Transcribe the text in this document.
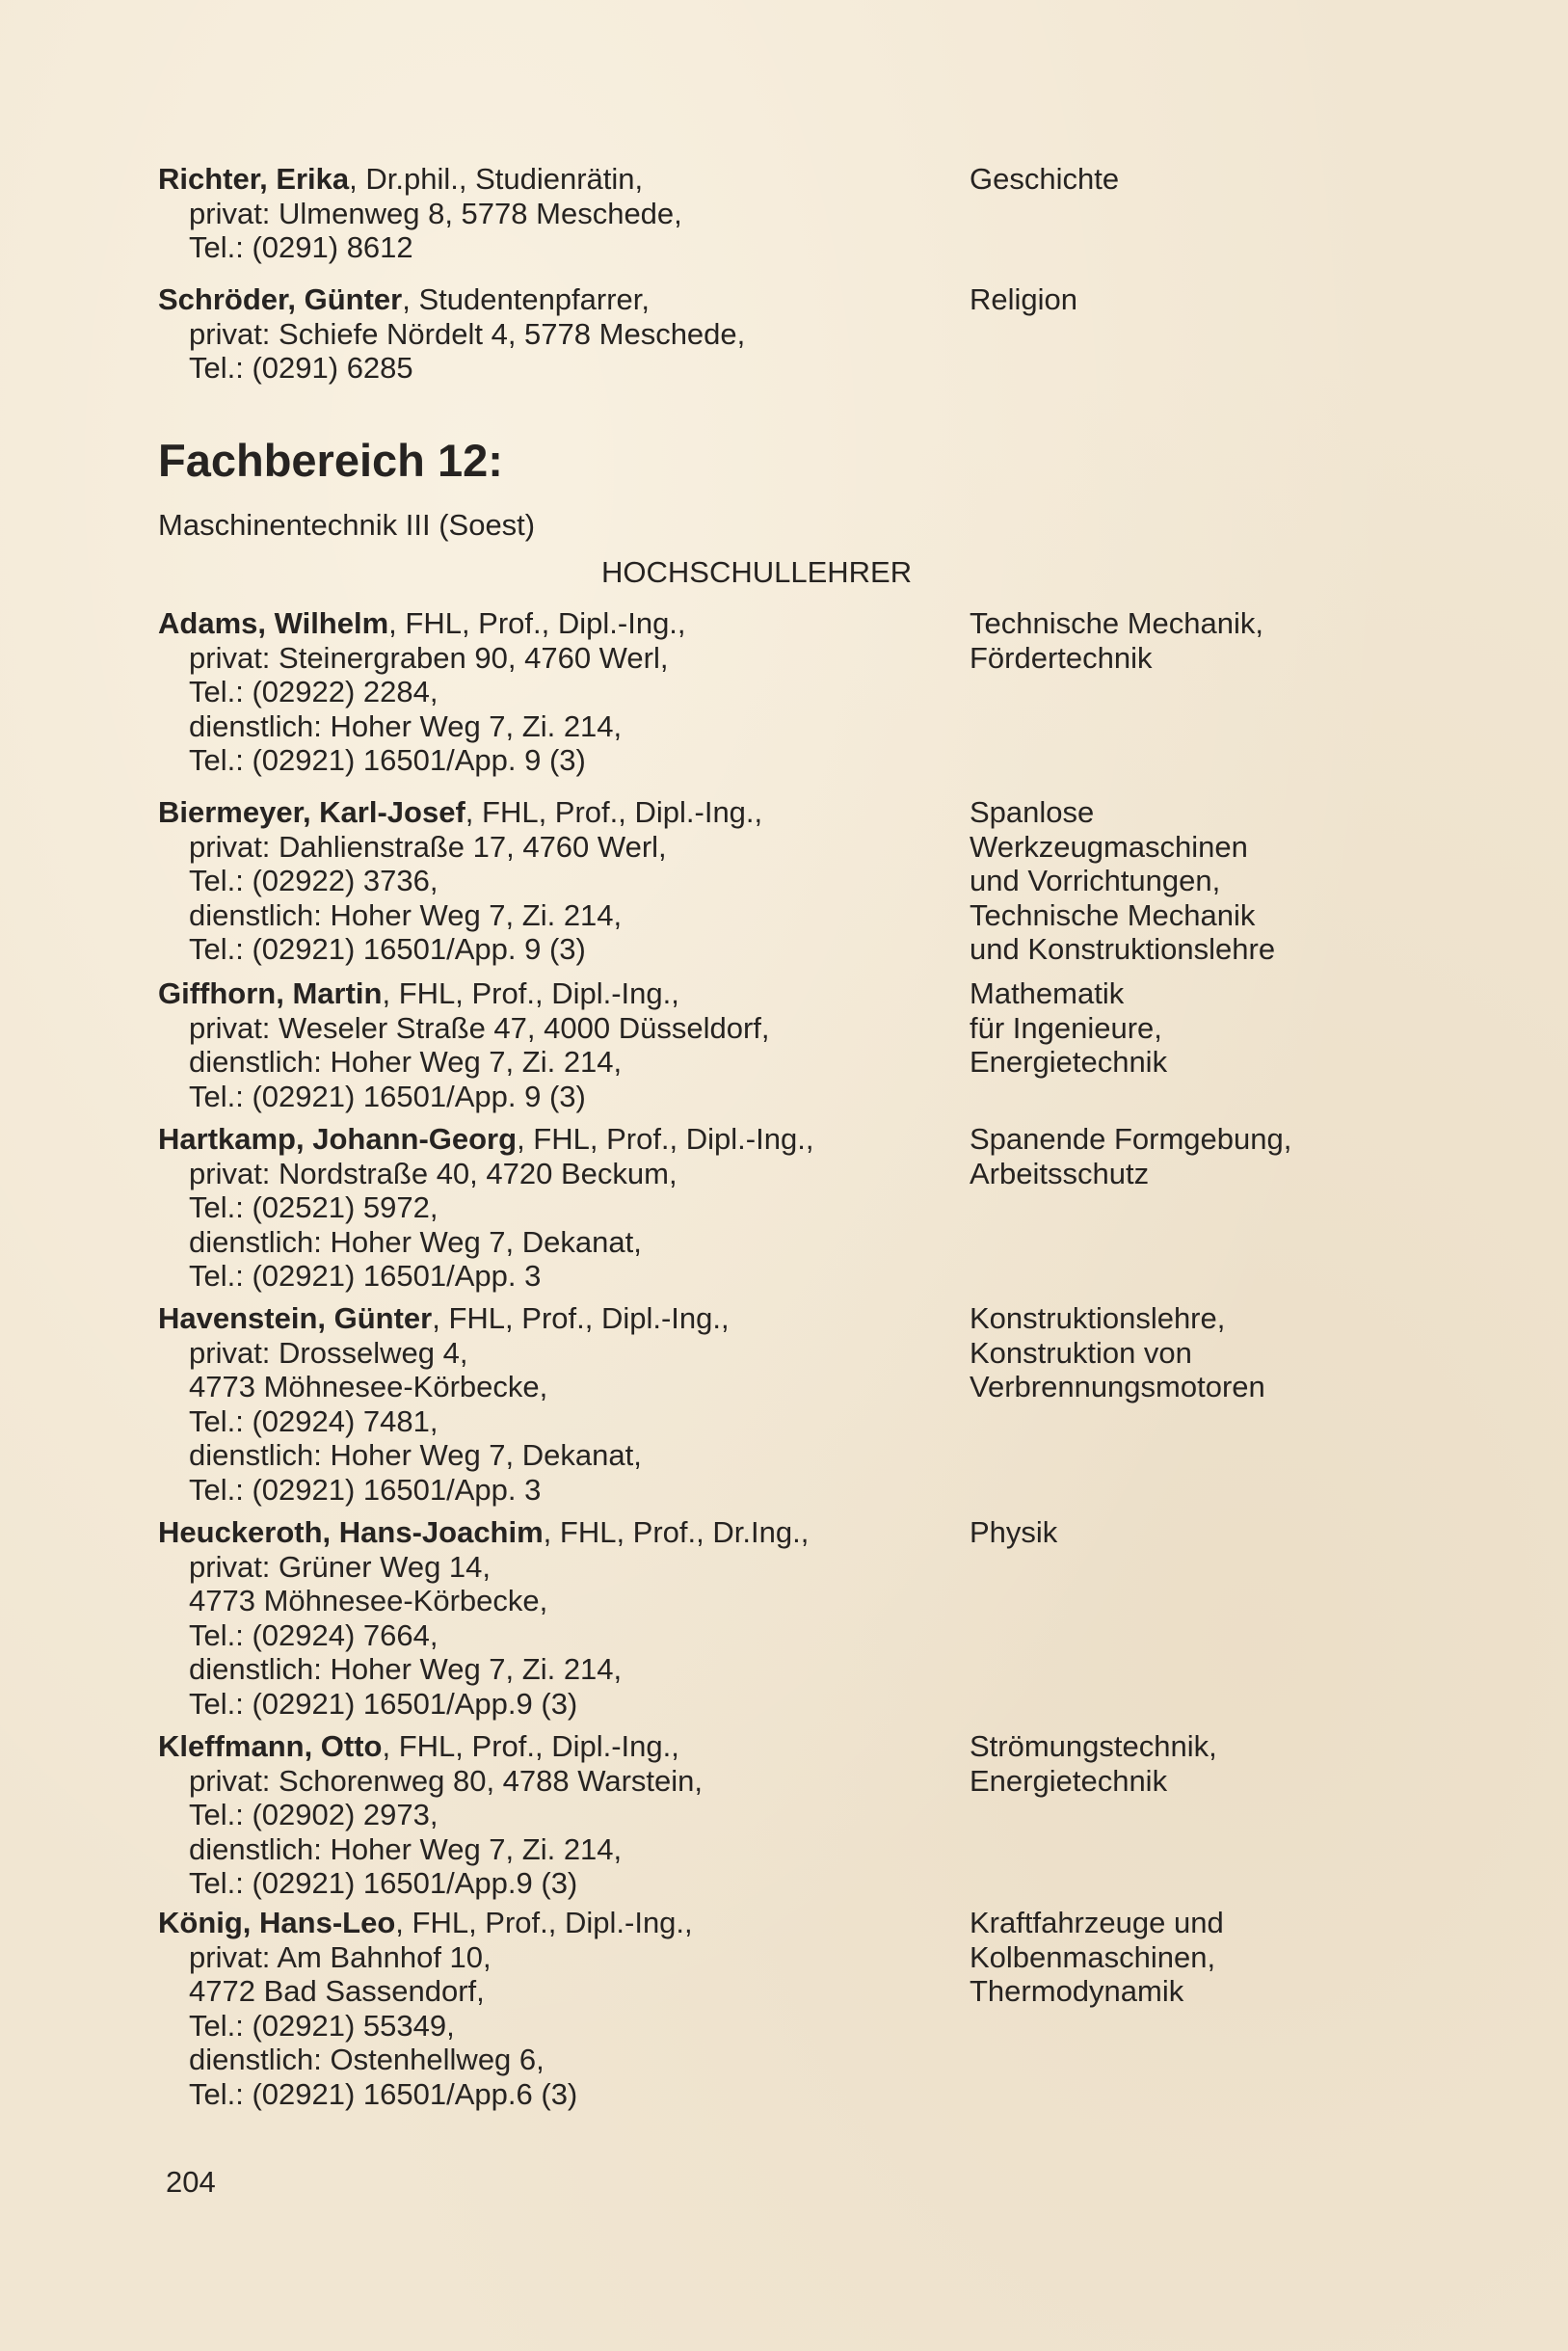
Richter, Erika, Dr.phil., Studienrätin,
privat: Ulmenweg 8, 5778 Meschede,
Tel.: (0291) 8612
Geschichte
Schröder, Günter, Studentenpfarrer,
privat: Schiefe Nördelt 4, 5778 Meschede,
Tel.: (0291) 6285
Religion
Fachbereich 12:
Maschinentechnik III (Soest)
HOCHSCHULLEHRER
Adams, Wilhelm, FHL, Prof., Dipl.-Ing.,
privat: Steinergraben 90, 4760 Werl,
Tel.: (02922) 2284,
dienstlich: Hoher Weg 7, Zi. 214,
Tel.: (02921) 16501/App. 9 (3)
Technische Mechanik,
Fördertechnik
Biermeyer, Karl-Josef, FHL, Prof., Dipl.-Ing.,
privat: Dahlienstraße 17, 4760 Werl,
Tel.: (02922) 3736,
dienstlich: Hoher Weg 7, Zi. 214,
Tel.: (02921) 16501/App. 9 (3)
Spanlose
Werkzeugmaschinen
und Vorrichtungen,
Technische Mechanik
und Konstruktionslehre
Giffhorn, Martin, FHL, Prof., Dipl.-Ing.,
privat: Weseler Straße 47, 4000 Düsseldorf,
dienstlich: Hoher Weg 7, Zi. 214,
Tel.: (02921) 16501/App. 9 (3)
Mathematik
für Ingenieure,
Energietechnik
Hartkamp, Johann-Georg, FHL, Prof., Dipl.-Ing.,
privat: Nordstraße 40, 4720 Beckum,
Tel.: (02521) 5972,
dienstlich: Hoher Weg 7, Dekanat,
Tel.: (02921) 16501/App. 3
Spanende Formgebung,
Arbeitsschutz
Havenstein, Günter, FHL, Prof., Dipl.-Ing.,
privat: Drosselweg 4,
4773 Möhnesee-Körbecke,
Tel.: (02924) 7481,
dienstlich: Hoher Weg 7, Dekanat,
Tel.: (02921) 16501/App. 3
Konstruktionslehre,
Konstruktion von
Verbrennungsmotoren
Heuckeroth, Hans-Joachim, FHL, Prof., Dr.Ing.,
privat: Grüner Weg 14,
4773 Möhnesee-Körbecke,
Tel.: (02924) 7664,
dienstlich: Hoher Weg 7, Zi. 214,
Tel.: (02921) 16501/App.9 (3)
Physik
Kleffmann, Otto, FHL, Prof., Dipl.-Ing.,
privat: Schorenweg 80, 4788 Warstein,
Tel.: (02902) 2973,
dienstlich: Hoher Weg 7, Zi. 214,
Tel.: (02921) 16501/App.9 (3)
Strömungstechnik,
Energietechnik
König, Hans-Leo, FHL, Prof., Dipl.-Ing.,
privat: Am Bahnhof 10,
4772 Bad Sassendorf,
Tel.: (02921) 55349,
dienstlich: Ostenhellweg 6,
Tel.: (02921) 16501/App.6 (3)
Kraftfahrzeuge und
Kolbenmaschinen,
Thermodynamik
204
